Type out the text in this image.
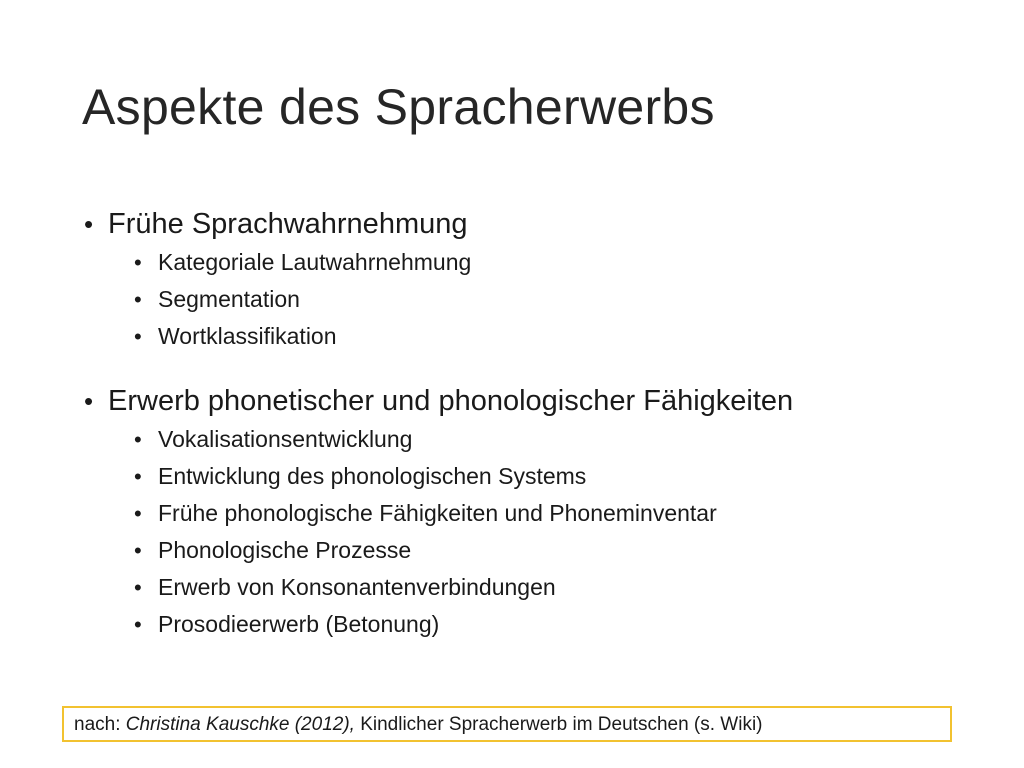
Aspekte des Spracherwerbs
• Frühe Sprachwahrnehmung
• Kategoriale Lautwahrnehmung
• Segmentation
• Wortklassifikation
• Erwerb phonetischer und phonologischer Fähigkeiten
• Vokalisationsentwicklung
• Entwicklung des phonologischen Systems
• Frühe phonologische Fähigkeiten und Phoneminventar
• Phonologische Prozesse
• Erwerb von Konsonantenverbindungen
• Prosodieerwerb (Betonung)
nach: Christina Kauschke (2012), Kindlicher Spracherwerb im Deutschen (s. Wiki)
